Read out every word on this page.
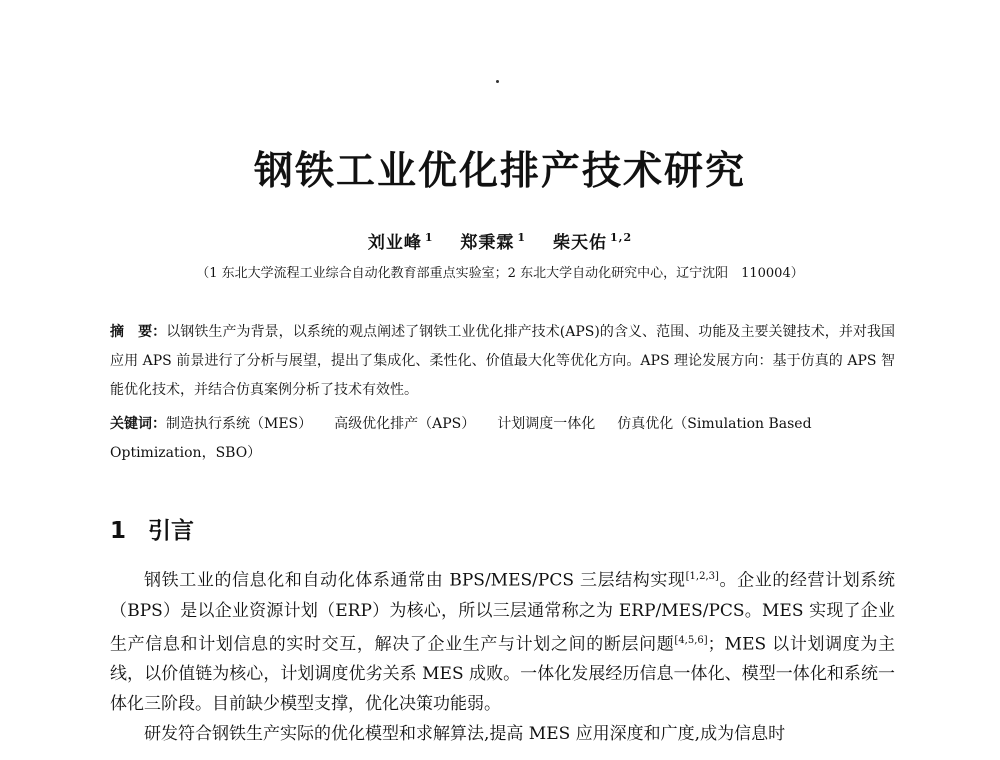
钢铁工业优化排产技术研究
刘业峰 $^1$ 郑秉霖 $^1$ 柴天佑 $^{1,2}$
（1 东北大学流程工业综合自动化教育部重点实验室；2 东北大学自动化研究中心，辽宁沈阳　110004）
摘　要：以钢铁生产为背景，以系统的观点阐述了钢铁工业优化排产技术(APS)的含义、范围、功能及主要关键技术，并对我国应用 APS 前景进行了分析与展望，提出了集成化、柔性化、价值最大化等优化方向。APS 理论发展方向：基于仿真的 APS 智能优化技术，并结合仿真案例分析了技术有效性。
关键词：制造执行系统（MES） 高级优化排产（APS） 计划调度一体化 仿真优化（Simulation Based Optimization，SBO）
1 引言

钢铁工业的信息化和自动化体系通常由 BPS/MES/PCS 三层结构实现[1,2,3]。企业的经营计划系统（BPS）是以企业资源计划（ERP）为核心，所以三层通常称之为 ERP/MES/PCS。MES 实现了企业生产信息和计划信息的实时交互，解决了企业生产与计划之间的断层问题[4,5,6]；MES 以计划调度为主线，以价值链为核心，计划调度优劣关系 MES 成败。一体化发展经历信息一体化、模型一体化和系统一体化三阶段。目前缺少模型支撑，优化决策功能弱。

研发符合钢铁生产实际的优化模型和求解算法,提高 MES 应用深度和广度,成为信息时
